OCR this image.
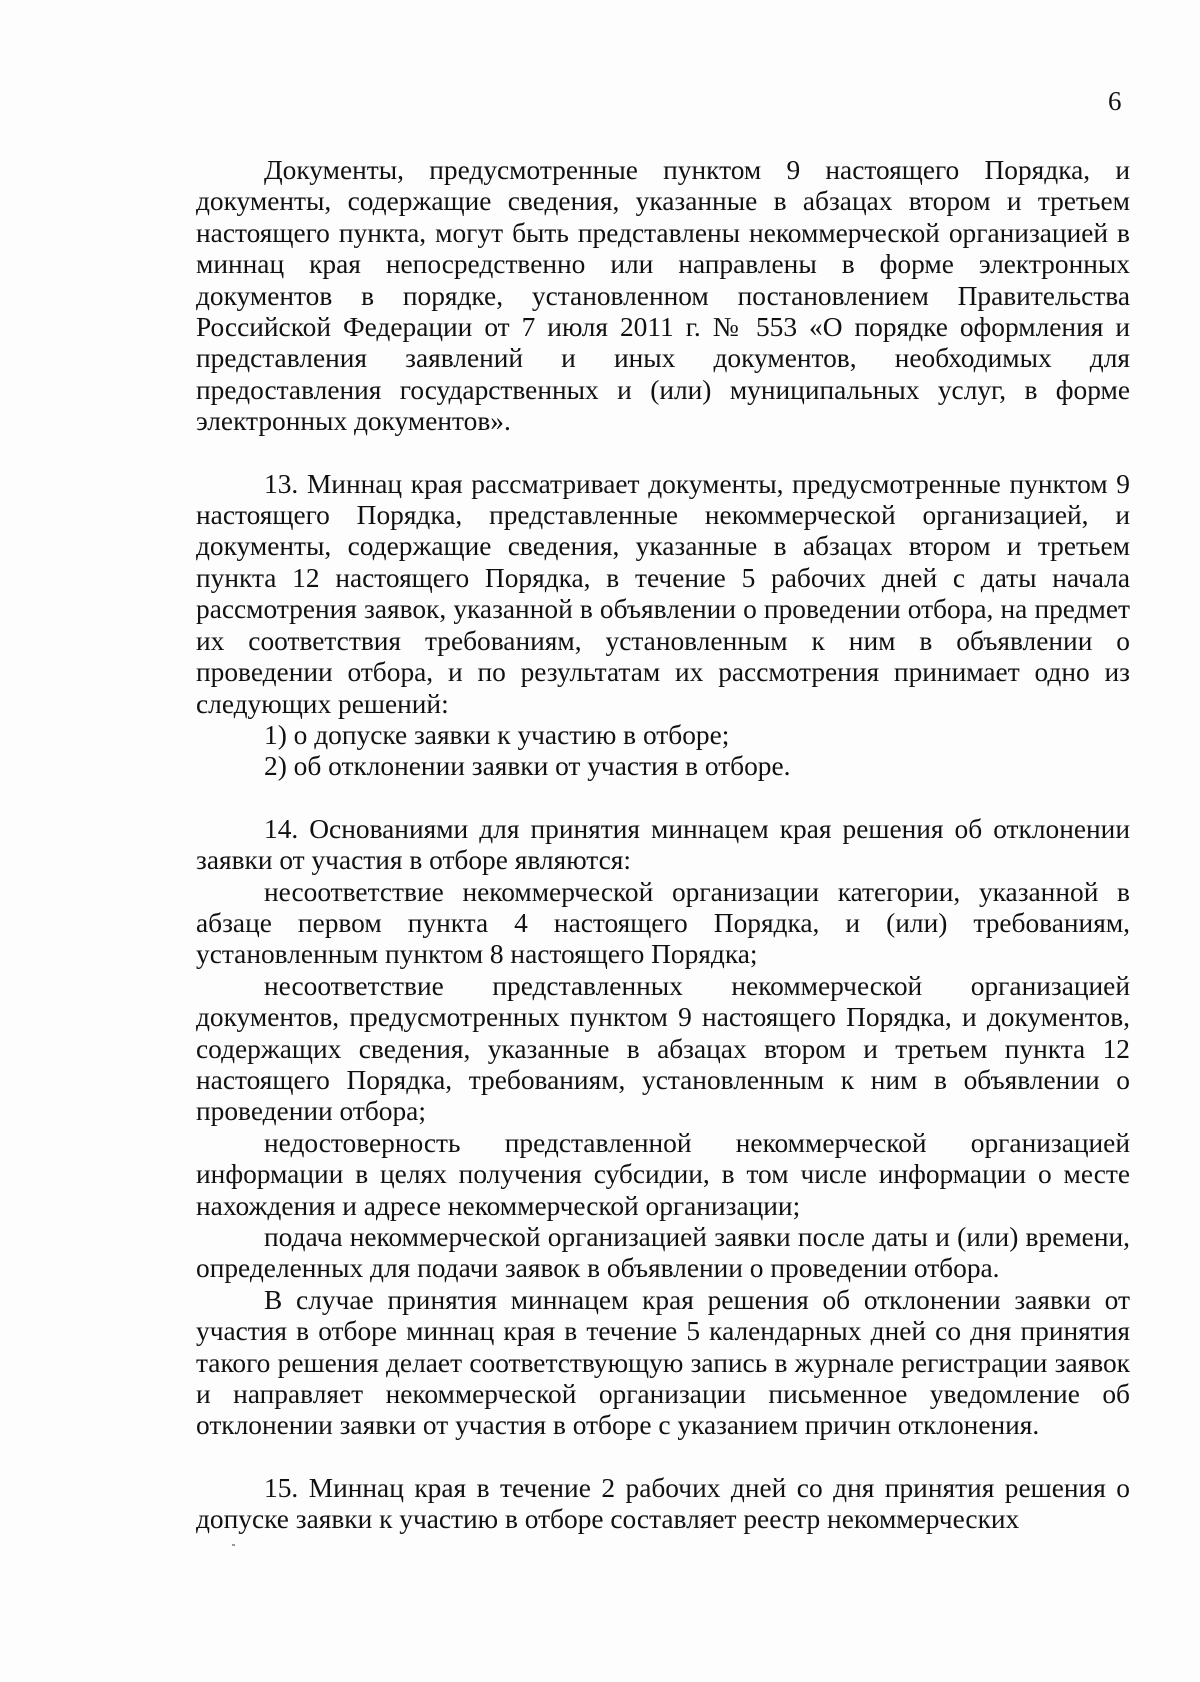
6

Документы, предусмотренные пунктом 9 настоящего Порядка, и документы, содержащие сведения, указанные в абзацах втором и третьем настоящего пункта, могут быть представлены некоммерческой организацией в миннац края непосредственно или направлены в форме электронных документов в порядке, установленном постановлением Правительства Российской Федерации от 7 июля 2011 г. № 553 «О порядке оформления и представления заявлений и иных документов, необходимых для предоставления государственных и (или) муниципальных услуг, в форме электронных документов».

13. Миннац края рассматривает документы, предусмотренные пунктом 9 настоящего Порядка, представленные некоммерческой организацией, и документы, содержащие сведения, указанные в абзацах втором и третьем пункта 12 настоящего Порядка, в течение 5 рабочих дней с даты начала рассмотрения заявок, указанной в объявлении о проведении отбора, на предмет их соответствия требованиям, установленным к ним в объявлении о проведении отбора, и по результатам их рассмотрения принимает одно из следующих решений:

1) о допуске заявки к участию в отборе;

2) об отклонении заявки от участия в отборе.

14. Основаниями для принятия миннацем края решения об отклонении заявки от участия в отборе являются:

несоответствие некоммерческой организации категории, указанной в абзаце первом пункта 4 настоящего Порядка, и (или) требованиям, установленным пунктом 8 настоящего Порядка;

несоответствие представленных некоммерческой организацией документов, предусмотренных пунктом 9 настоящего Порядка, и документов, содержащих сведения, указанные в абзацах втором и третьем пункта 12 настоящего Порядка, требованиям, установленным к ним в объявлении о проведении отбора;

недостоверность представленной некоммерческой организацией информации в целях получения субсидии, в том числе информации о месте нахождения и адресе некоммерческой организации;

подача некоммерческой организацией заявки после даты и (или) времени, определенных для подачи заявок в объявлении о проведении отбора.

В случае принятия миннацем края решения об отклонении заявки от участия в отборе миннац края в течение 5 календарных дней со дня принятия такого решения делает соответствующую запись в журнале регистрации заявок и направляет некоммерческой организации письменное уведомление об отклонении заявки от участия в отборе с указанием причин отклонения.

15. Миннац края в течение 2 рабочих дней со дня принятия решения о допуске заявки к участию в отборе составляет реестр некоммерческих
